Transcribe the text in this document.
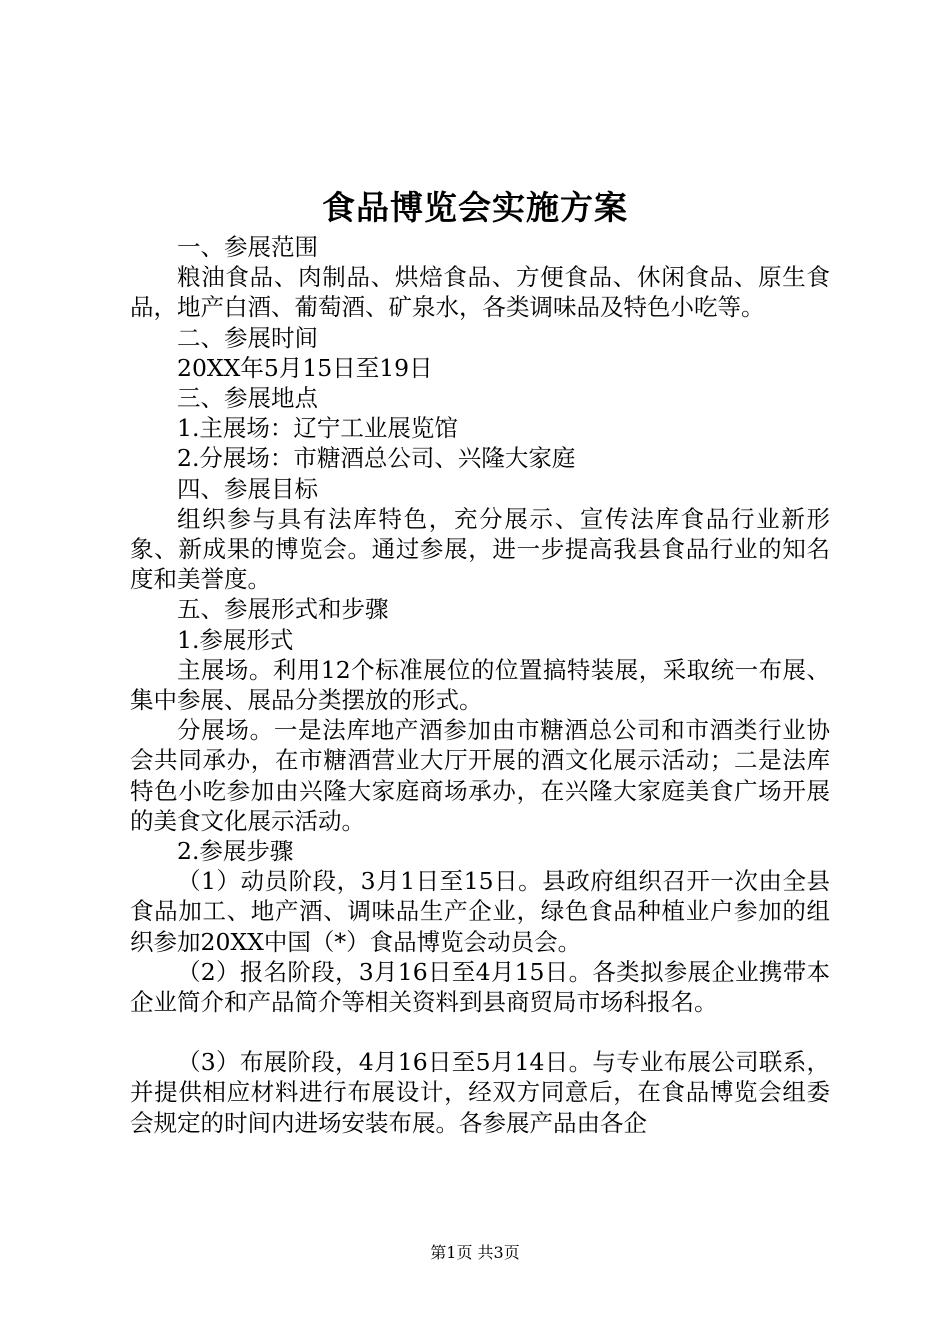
食品博览会实施方案

一、参展范围

粮油食品、肉制品、烘焙食品、方便食品、休闲食品、原生食品，地产白酒、葡萄酒、矿泉水，各类调味品及特色小吃等。

二、参展时间

20XX年5月15日至19日

三、参展地点

1.主展场：辽宁工业展览馆

2.分展场：市糖酒总公司、兴隆大家庭

四、参展目标

组织参与具有法库特色，充分展示、宣传法库食品行业新形象、新成果的博览会。通过参展，进一步提高我县食品行业的知名度和美誉度。

五、参展形式和步骤

1.参展形式

主展场。利用12个标准展位的位置搞特装展，采取统一布展、集中参展、展品分类摆放的形式。

分展场。一是法库地产酒参加由市糖酒总公司和市酒类行业协会共同承办，在市糖酒营业大厅开展的酒文化展示活动；二是法库特色小吃参加由兴隆大家庭商场承办，在兴隆大家庭美食广场开展的美食文化展示活动。

2.参展步骤

（1）动员阶段，3月1日至15日。县政府组织召开一次由全县食品加工、地产酒、调味品生产企业，绿色食品种植业户参加的组织参加20XX中国（*）食品博览会动员会。

（2）报名阶段，3月16日至4月15日。各类拟参展企业携带本企业简介和产品简介等相关资料到县商贸局市场科报名。

（3）布展阶段，4月16日至5月14日。与专业布展公司联系，并提供相应材料进行布展设计，经双方同意后，在食品博览会组委会规定的时间内进场安装布展。各参展产品由各企

第1页 共3页
